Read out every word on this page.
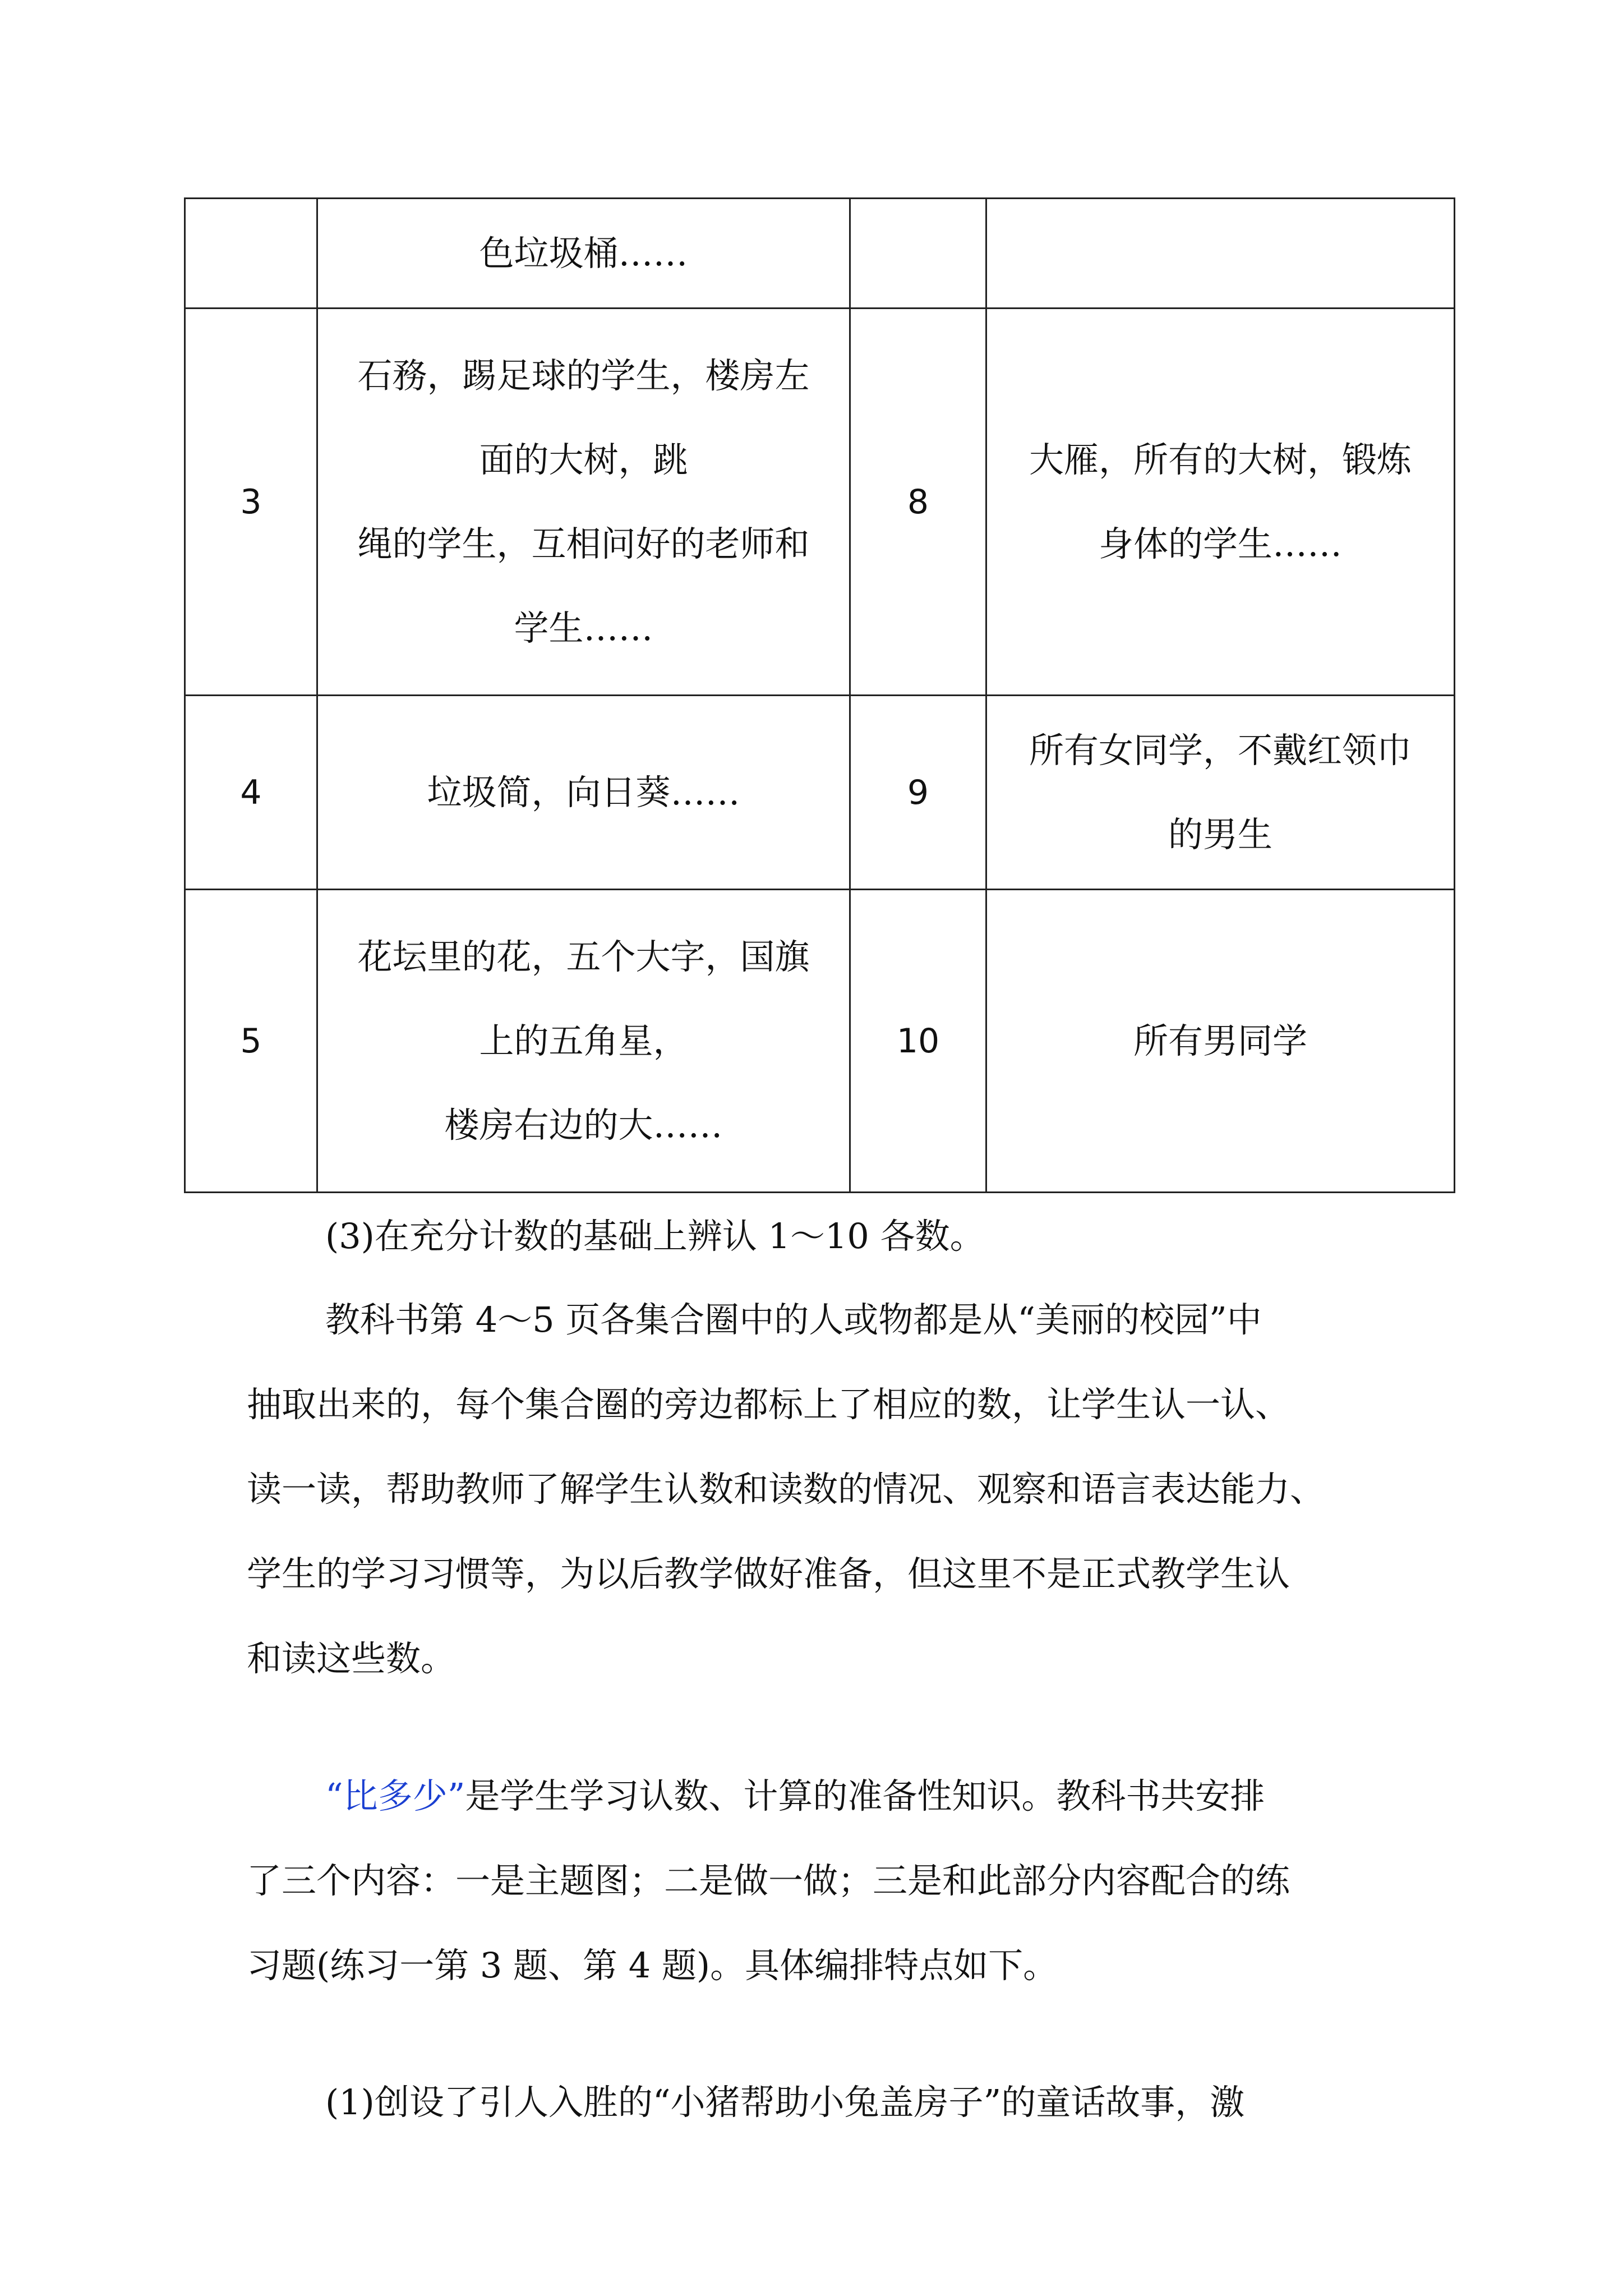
	色垃圾桶……		

3	石務，踢足球的学生，楼房左
面的大树，跳
绳的学生，互相问好的老师和
学生……	8	大雁，所有的大树，锻炼
身体的学生……

4	垃圾简，向日葵……	9	所有女同学，不戴红领巾
的男生

5	花坛里的花，五个大字，国旗
上的五角星，
楼房右边的大……	10	所有男同学

(3)在充分计数的基础上辨认 1～10 各数。

教科书第 4～5 页各集合圈中的人或物都是从“美丽的校园”中
抽取出来的，每个集合圈的旁边都标上了相应的数，让学生认一认、
读一读，帮助教师了解学生认数和读数的情况、观察和语言表达能力、
学生的学习习惯等，为以后教学做好准备，但这里不是正式教学生认
和读这些数。

“比多少”是学生学习认数、计算的准备性知识。教科书共安排
了三个内容：一是主题图；二是做一做；三是和此部分内容配合的练
习题(练习一第 3 题、第 4 题)。具体编排特点如下。

(1)创设了引人入胜的“小猪帮助小兔盖房子”的童话故事，激
